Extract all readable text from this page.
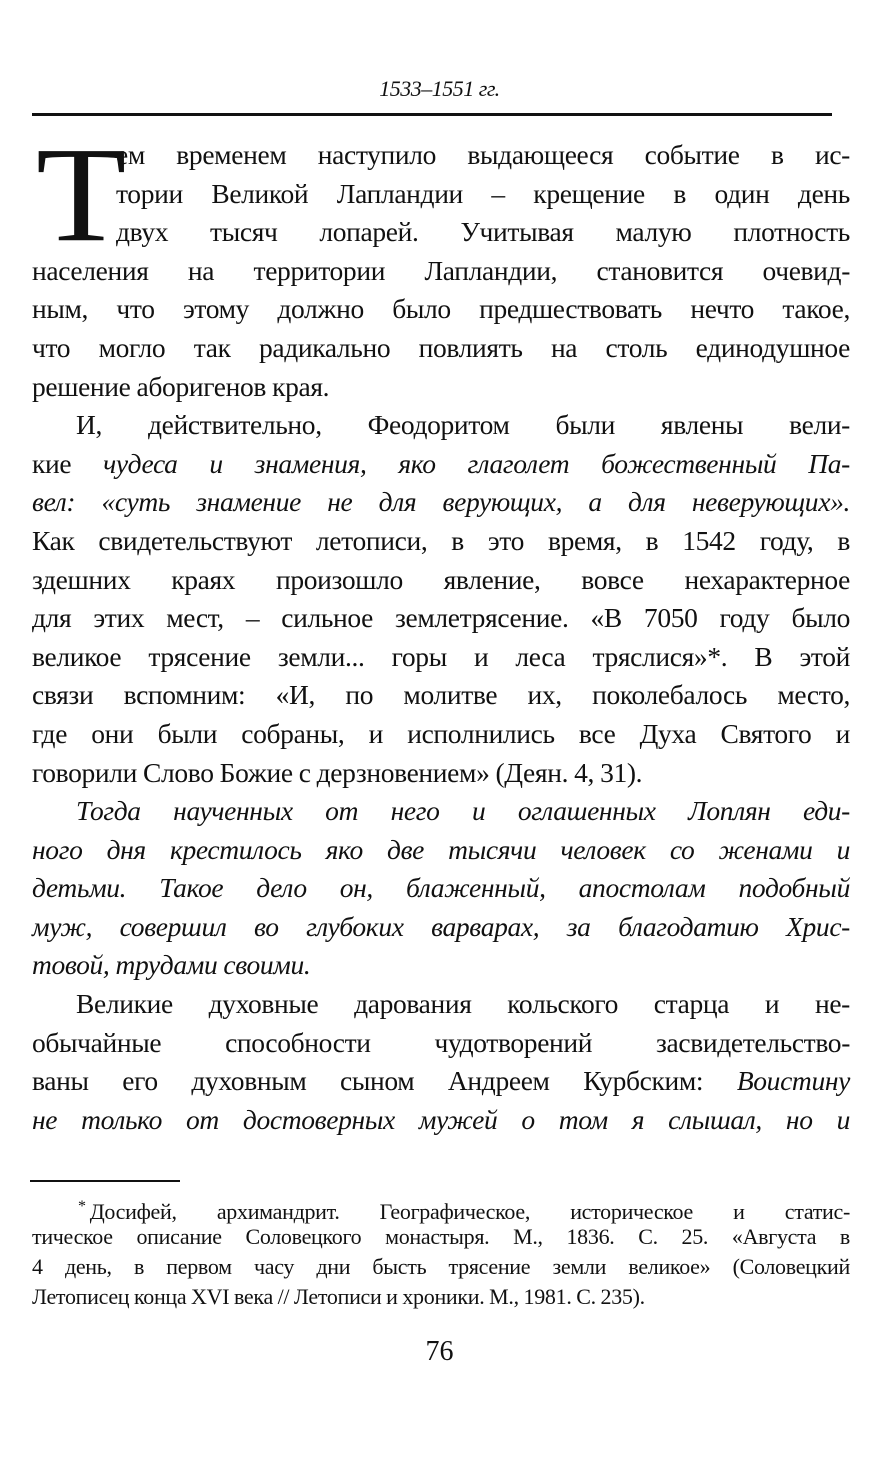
1533–1551 гг.
Т
ем временем наступило выдающееся событие в ис-
тории Великой Лапландии – крещение в один день
двух тысяч лопарей. Учитывая малую плотность
населения на территории Лапландии, становится очевид-
ным, что этому должно было предшествовать нечто такое,
что могло так радикально повлиять на столь единодушное
решение аборигенов края.
И, действительно, Феодоритом были явлены вели-
кие чудеса и знамения, яко глаголет божественный Па-
вел: «суть знамение не для верующих, а для неверующих».
Как свидетельствуют летописи, в это время, в 1542 году, в
здешних краях произошло явление, вовсе нехарактерное
для этих мест, – сильное землетрясение. «В 7050 году было
великое трясение земли... горы и леса тряслися»*. В этой
связи вспомним: «И, по молитве их, поколебалось место,
где они были собраны, и исполнились все Духа Святого и
говорили Слово Божие с дерзновением» (Деян. 4, 31).
Тогда наученных от него и оглашенных Лоплян еди-
ного дня крестилось яко две тысячи человек со женами и
детьми. Такое дело он, блаженный, апостолам подобный
муж, совершил во глубоких варварах, за благодатию Хрис-
товой, трудами своими.
Великие духовные дарования кольского старца и не-
обычайные способности чудотворений засвидетельство-
ваны его духовным сыном Андреем Курбским: Воистину
не только от достоверных мужей о том я слышал, но и
* Досифей, архимандрит. Географическое, историческое и статис-
тическое описание Соловецкого монастыря. М., 1836. С. 25. «Августа в
4 день, в первом часу дни бысть трясение земли великое» (Соловецкий
Летописец конца XVI века // Летописи и хроники. М., 1981. С. 235).
76
